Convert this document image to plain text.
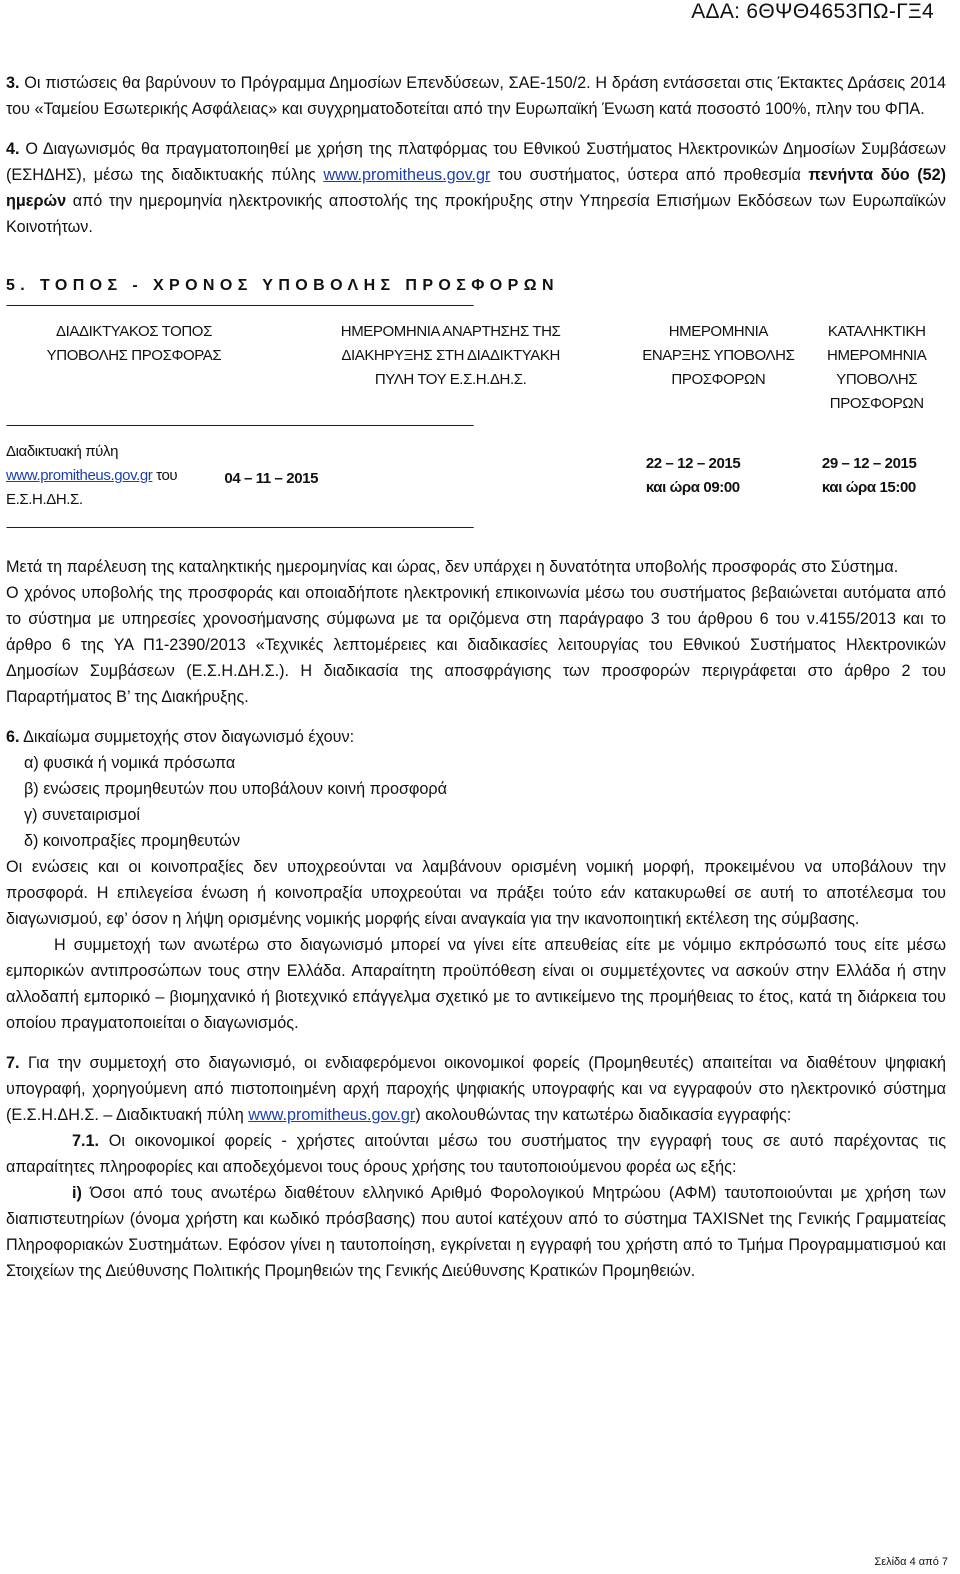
ΑΔΑ: 6ΘΨΘ4653ΠΩ-ΓΞ4

3. Οι πιστώσεις θα βαρύνουν το Πρόγραμμα Δημοσίων Επενδύσεων, ΣΑΕ-150/2. Η δράση εντάσσεται στις Έκτακτες Δράσεις 2014 του «Ταμείου Εσωτερικής Ασφάλειας» και συγχρηματοδοτείται από την Ευρωπαϊκή Ένωση κατά ποσοστό 100%, πλην του ΦΠΑ.

4. Ο Διαγωνισμός θα πραγματοποιηθεί με χρήση της πλατφόρμας του Εθνικού Συστήματος Ηλεκτρονικών Δημοσίων Συμβάσεων (ΕΣΗΔΗΣ), μέσω της διαδικτυακής πύλης www.promitheus.gov.gr του συστήματος, ύστερα από προθεσμία πενήντα δύο (52) ημερών από την ημερομηνία ηλεκτρονικής αποστολής της προκήρυξης στην Υπηρεσία Επισήμων Εκδόσεων των Ευρωπαϊκών Κοινοτήτων.

5. ΤΟΠΟΣ - ΧΡΟΝΟΣ ΥΠΟΒΟΛΗΣ ΠΡΟΣΦΟΡΩΝ

------------------------------------------------------------------------------------------------------------------------------------------------------------------------------------------------
ΔΙΑΔΙΚΤΥΑΚΟΣ ΤΟΠΟΣ ΥΠΟΒΟΛΗΣ ΠΡΟΣΦΟΡΑΣ
ΗΜΕΡΟΜΗΝΙΑ ΑΝΑΡΤΗΣΗΣ ΤΗΣ ΔΙΑΚΗΡΥΞΗΣ ΣΤΗ ΔΙΑΔΙΚΤΥΑΚΗ ΠΥΛΗ ΤΟΥ Ε.Σ.Η.ΔΗ.Σ.
ΗΜΕΡΟΜΗΝΙΑ ΕΝΑΡΞΗΣ ΥΠΟΒΟΛΗΣ ΠΡΟΣΦΟΡΩΝ
ΚΑΤΑΛΗΚΤΙΚΗ ΗΜΕΡΟΜΗΝΙΑ ΥΠΟΒΟΛΗΣ ΠΡΟΣΦΟΡΩΝ
------------------------------------------------------------------------------------------------------------------------------------------------------------------------------------------------
Διαδικτυακή πύλη
www.promitheus.gov.gr του
Ε.Σ.Η.ΔΗ.Σ.
04 – 11 – 2015
22 – 12 – 2015
και ώρα 09:00
29 – 12 – 2015
και ώρα 15:00
------------------------------------------------------------------------------------------------------------------------------------------------------------------------------------------------

Μετά τη παρέλευση της καταληκτικής ημερομηνίας και ώρας, δεν υπάρχει η δυνατότητα υποβολής προσφοράς στο Σύστημα.

Ο χρόνος υποβολής της προσφοράς και οποιαδήποτε ηλεκτρονική επικοινωνία μέσω του συστήματος βεβαιώνεται αυτόματα από το σύστημα με υπηρεσίες χρονοσήμανσης σύμφωνα με τα οριζόμενα στη παράγραφο 3 του άρθρου 6 του ν.4155/2013 και το άρθρο 6 της ΥΑ Π1-2390/2013 «Τεχνικές λεπτομέρειες και διαδικασίες λειτουργίας του Εθνικού Συστήματος Ηλεκτρονικών Δημοσίων Συμβάσεων (Ε.Σ.Η.ΔΗ.Σ.). Η διαδικασία της αποσφράγισης των προσφορών περιγράφεται στο άρθρο 2 του Παραρτήματος Β’ της Διακήρυξης.

6. Δικαίωμα συμμετοχής στον διαγωνισμό έχουν:

α) φυσικά ή νομικά πρόσωπα
β) ενώσεις προμηθευτών που υποβάλουν κοινή προσφορά
γ) συνεταιρισμοί
δ) κοινοπραξίες προμηθευτών

Οι ενώσεις και οι κοινοπραξίες δεν υποχρεούνται να λαμβάνουν ορισμένη νομική μορφή, προκειμένου να υποβάλουν την προσφορά. Η επιλεγείσα ένωση ή κοινοπραξία υποχρεούται να πράξει τούτο εάν κατακυρωθεί σε αυτή το αποτέλεσμα του διαγωνισμού, εφ’ όσον η λήψη ορισμένης νομικής μορφής είναι αναγκαία για την ικανοποιητική εκτέλεση της σύμβασης.

Η συμμετοχή των ανωτέρω στο διαγωνισμό μπορεί να γίνει είτε απευθείας είτε με νόμιμο εκπρόσωπό τους είτε μέσω εμπορικών αντιπροσώπων τους στην Ελλάδα. Απαραίτητη προϋπόθεση είναι οι συμμετέχοντες να ασκούν στην Ελλάδα ή στην αλλοδαπή εμπορικό – βιομηχανικό ή βιοτεχνικό επάγγελμα σχετικό με το αντικείμενο της προμήθειας το έτος, κατά τη διάρκεια του οποίου πραγματοποιείται ο διαγωνισμός.

7. Για την συμμετοχή στο διαγωνισμό, οι ενδιαφερόμενοι οικονομικοί φορείς (Προμηθευτές) απαιτείται να διαθέτουν ψηφιακή υπογραφή, χορηγούμενη από πιστοποιημένη αρχή παροχής ψηφιακής υπογραφής και να εγγραφούν στο ηλεκτρονικό σύστημα (Ε.Σ.Η.ΔΗ.Σ. – Διαδικτυακή πύλη www.promitheus.gov.gr) ακολουθώντας την κατωτέρω διαδικασία εγγραφής:

7.1. Οι οικονομικοί φορείς - χρήστες αιτούνται μέσω του συστήματος την εγγραφή τους σε αυτό παρέχοντας τις απαραίτητες πληροφορίες και αποδεχόμενοι τους όρους χρήσης του ταυτοποιούμενου φορέα ως εξής:

i) Όσοι από τους ανωτέρω διαθέτουν ελληνικό Αριθμό Φορολογικού Μητρώου (ΑΦΜ) ταυτοποιούνται με χρήση των διαπιστευτηρίων (όνομα χρήστη και κωδικό πρόσβασης) που αυτοί κατέχουν από το σύστημα TAXISNet της Γενικής Γραμματείας Πληροφοριακών Συστημάτων. Εφόσον γίνει η ταυτοποίηση, εγκρίνεται η εγγραφή του χρήστη από το Τμήμα Προγραμματισμού και Στοιχείων της Διεύθυνσης Πολιτικής Προμηθειών της Γενικής Διεύθυνσης Κρατικών Προμηθειών.

Σελίδα 4 από 7
